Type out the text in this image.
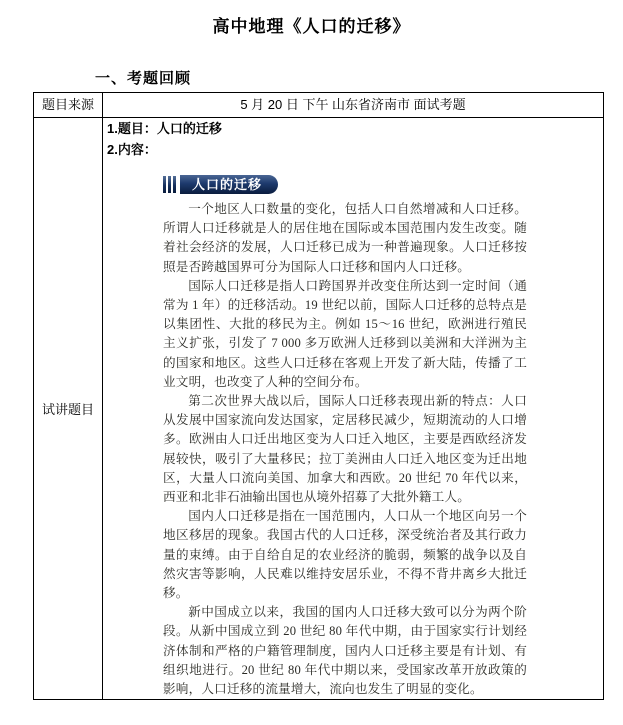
高中地理《人口的迁移》
一、考题回顾
题目来源	5 月 20 日 下午 山东省济南市 面试考题
试讲题目	
1.题目：人口的迁移
2.内容：
人口的迁移

一个地区人口数量的变化，包括人口自然增减和人口迁移。所谓人口迁移就是人的居住地在国际或本国范围内发生改变。随着社会经济的发展，人口迁移已成为一种普遍现象。人口迁移按照是否跨越国界可分为国际人口迁移和国内人口迁移。

国际人口迁移是指人口跨国界并改变住所达到一定时间（通常为 1 年）的迁移活动。19 世纪以前，国际人口迁移的总特点是以集团性、大批的移民为主。例如 15～16 世纪，欧洲进行殖民主义扩张，引发了 7 000 多万欧洲人迁移到以美洲和大洋洲为主的国家和地区。这些人口迁移在客观上开发了新大陆，传播了工业文明，也改变了人种的空间分布。

第二次世界大战以后，国际人口迁移表现出新的特点：人口从发展中国家流向发达国家，定居移民减少，短期流动的人口增多。欧洲由人口迁出地区变为人口迁入地区，主要是西欧经济发展较快，吸引了大量移民；拉丁美洲由人口迁入地区变为迁出地区，大量人口流向美国、加拿大和西欧。20 世纪 70 年代以来，西亚和北非石油输出国也从境外招募了大批外籍工人。

国内人口迁移是指在一国范围内，人口从一个地区向另一个地区移居的现象。我国古代的人口迁移，深受统治者及其行政力量的束缚。由于自给自足的农业经济的脆弱，频繁的战争以及自然灾害等影响，人民难以维持安居乐业，不得不背井离乡大批迁移。

新中国成立以来，我国的国内人口迁移大致可以分为两个阶段。从新中国成立到 20 世纪 80 年代中期，由于国家实行计划经济体制和严格的户籍管理制度，国内人口迁移主要是有计划、有组织地进行。20 世纪 80 年代中期以来，受国家改革开放政策的影响，人口迁移的流量增大，流向也发生了明显的变化。
